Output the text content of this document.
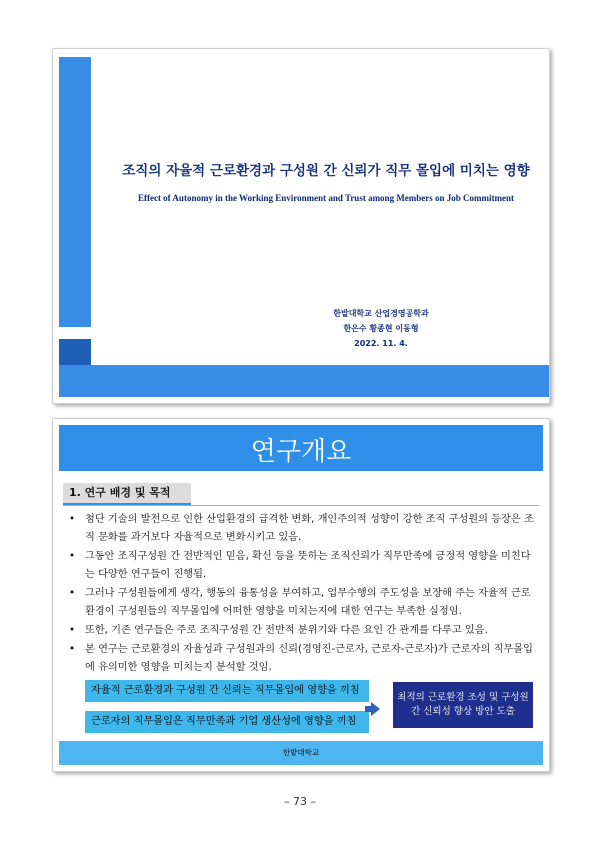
조직의 자율적 근로환경과 구성원 간 신뢰가 직무 몰입에 미치는 영향
Effect of Autonomy in the Working Environment and Trust among Members on Job Commitment
한밭대학교 산업경영공학과
한은수 황종현 이동형
2022. 11. 4.
연구개요
1. 연구 배경 및 목적
• 첨단 기술의 발전으로 인한 산업환경의 급격한 변화, 개인주의적 성향이 강한 조직 구성원의 등장은 조직 문화를 과거보다 자율적으로 변화시키고 있음.
• 그동안 조직구성원 간 전반적인 믿음, 확신 등을 뜻하는 조직신뢰가 직무만족에 긍정적 영향을 미친다는 다양한 연구들이 진행됨.
• 그러나 구성원들에게 생각, 행동의 융통성을 부여하고, 업무수행의 주도성을 보장해 주는 자율적 근로환경이 구성원들의 직무몰입에 어떠한 영향을 미치는지에 대한 연구는 부족한 실정임.
• 또한, 기존 연구들은 주로 조직구성원 간 전반적 분위기와 다른 요인 간 관계를 다루고 있음.
• 본 연구는 근로환경의 자율성과 구성원과의 신뢰(경영진-근로자, 근로자-근로자)가 근로자의 직무몰입에 유의미한 영향을 미치는지 분석할 것임.
자율적 근로환경과 구성원 간 신뢰는 직무몰입에 영향을 끼침
근로자의 직무몰입은 직무만족과 기업 생산성에 영향을 끼침
최적의 근로환경 조성 및 구성원
간 신뢰성 향상 방안 도출
한밭대학교
– 73 –
